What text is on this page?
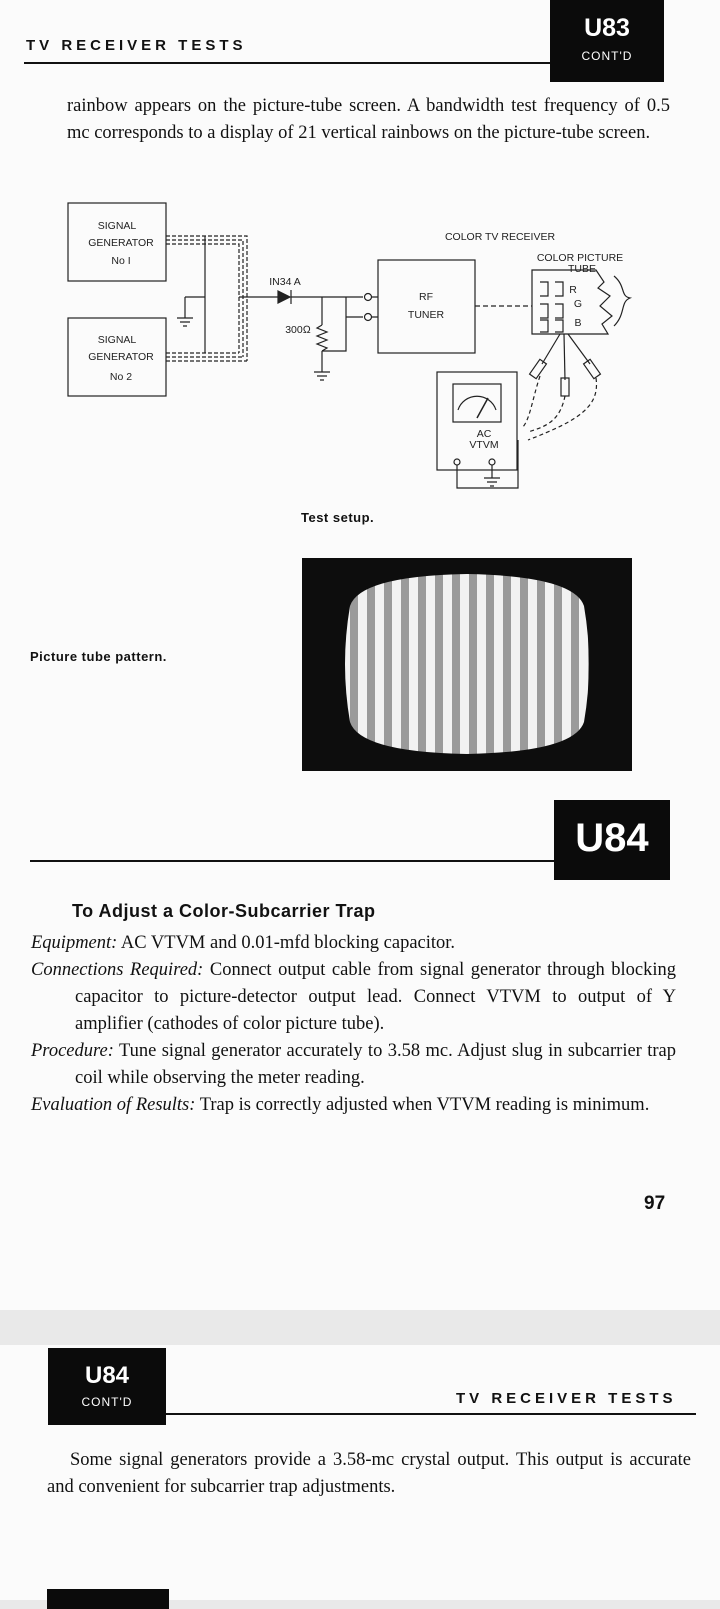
TV RECEIVER TESTS
U83
CONT'D
rainbow appears on the picture-tube screen. A bandwidth test frequency of 0.5 mc corresponds to a display of 21 vertical rainbows on the picture-tube screen.
SIGNAL
GENERATOR
No I
SIGNAL
GENERATOR
No 2
IN34 A
300Ω
RF
TUNER
COLOR TV RECEIVER
COLOR PICTURE
TUBE
R
G
B
AC
VTVM
Test setup.
Picture tube pattern.
U84
To Adjust a Color-Subcarrier Trap

Equipment: AC VTVM and 0.01-mfd blocking capacitor.

Connections Required: Connect output cable from signal generator through blocking capacitor to picture-detector output lead. Connect VTVM to output of Y amplifier (cathodes of color picture tube).

Procedure: Tune signal generator accurately to 3.58 mc. Adjust slug in subcarrier trap coil while observing the meter reading.

Evaluation of Results: Trap is correctly adjusted when VTVM reading is minimum.

97
U84
CONT'D	TV RECEIVER TESTS
Some signal generators provide a 3.58-mc crystal output. This output is accurate and convenient for subcarrier trap adjustments.
